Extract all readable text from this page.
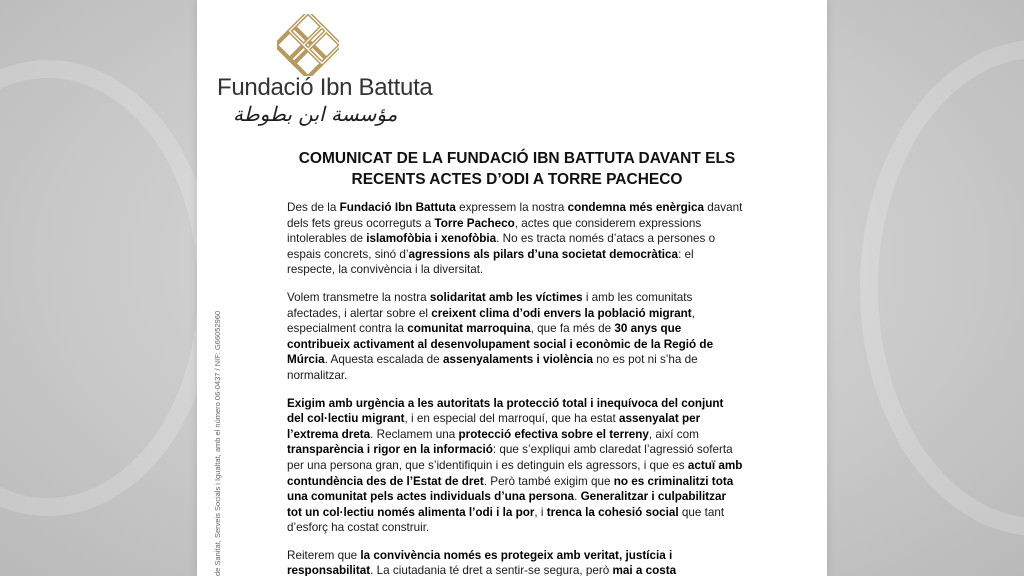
Fundació Ibn Battuta
مؤسسة ابن بطوطة
de Sanitat, Serveis Socials i Igualtat, amb el número 06-0437 / NIF: G66052960
COMUNICAT DE LA FUNDACIÓ IBN BATTUTA DAVANT ELS
RECENTS ACTES D’ODI A TORRE PACHECO

Des de la Fundació Ibn Battuta expressem la nostra condemna més enèrgica davant dels fets greus ocorreguts a Torre Pacheco, actes que considerem expressions intolerables de islamofòbia i xenofòbia. No es tracta només d’atacs a persones o espais concrets, sinó d’agressions als pilars d’una societat democràtica: el respecte, la convivència i la diversitat.

Volem transmetre la nostra solidaritat amb les víctimes i amb les comunitats afectades, i alertar sobre el creixent clima d’odi envers la població migrant, especialment contra la comunitat marroquina, que fa més de 30 anys que contribueix activament al desenvolupament social i econòmic de la Regió de Múrcia. Aquesta escalada de assenyalaments i violència no es pot ni s’ha de normalitzar.

Exigim amb urgència a les autoritats la protecció total i inequívoca del conjunt del col·lectiu migrant, i en especial del marroquí, que ha estat assenyalat per l’extrema dreta. Reclamem una protecció efectiva sobre el terreny, així com transparència i rigor en la informació: que s’expliqui amb claredat l’agressió soferta per una persona gran, que s’identifiquin i es detinguin els agressors, i que es actuï amb contundència des de l’Estat de dret. Però també exigim que no es criminalitzi tota una comunitat pels actes individuals d’una persona. Generalitzar i culpabilitzar tot un col·lectiu només alimenta l’odi i la por, i trenca la cohesió social que tant d’esforç ha costat construir.

Reiterem que la convivència només es protegeix amb veritat, justícia i responsabilitat. La ciutadania té dret a sentir-se segura, però mai a costa
